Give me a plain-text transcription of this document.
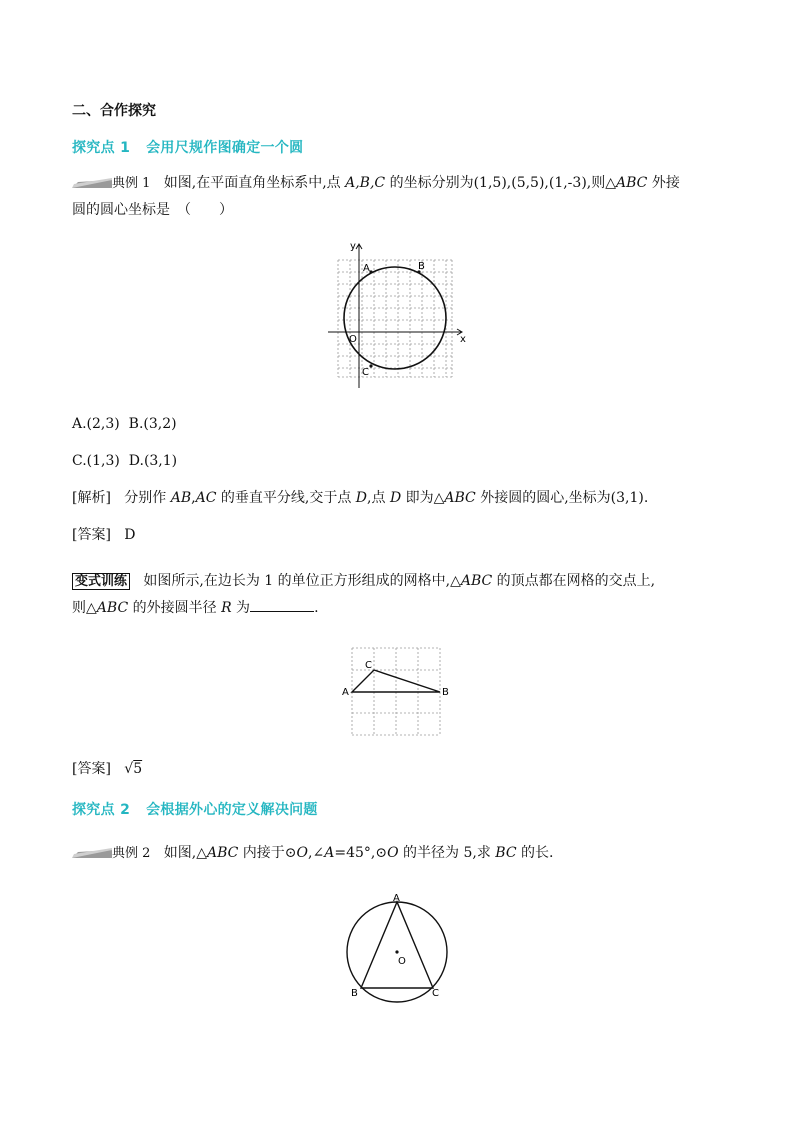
二、合作探究
探究点 1 会用尺规作图确定一个圆
典例 1 如图,在平面直角坐标系中,点 A,B,C 的坐标分别为(1,5),(5,5),(1,-3),则△ABC 外接
圆的圆心坐标是　（　　）
A	B
C
O	x
y
A.(2,3) B.(3,2)
C.(1,3) D.(3,1)
[解析] 分别作 AB,AC 的垂直平分线,交于点 D,点 D 即为△ABC 外接圆的圆心,坐标为(3,1).
[答案] D
变式训练 如图所示,在边长为 1 的单位正方形组成的网格中,△ABC 的顶点都在网格的交点上,
则△ABC 的外接圆半径 R 为	.
A
C
B
[答案] √5
探究点 2 会根据外心的定义解决问题
典例 2 如图,△ABC 内接于⊙O,∠A=45°,⊙O 的半径为 5,求 BC 的长.
A
B	C
O
